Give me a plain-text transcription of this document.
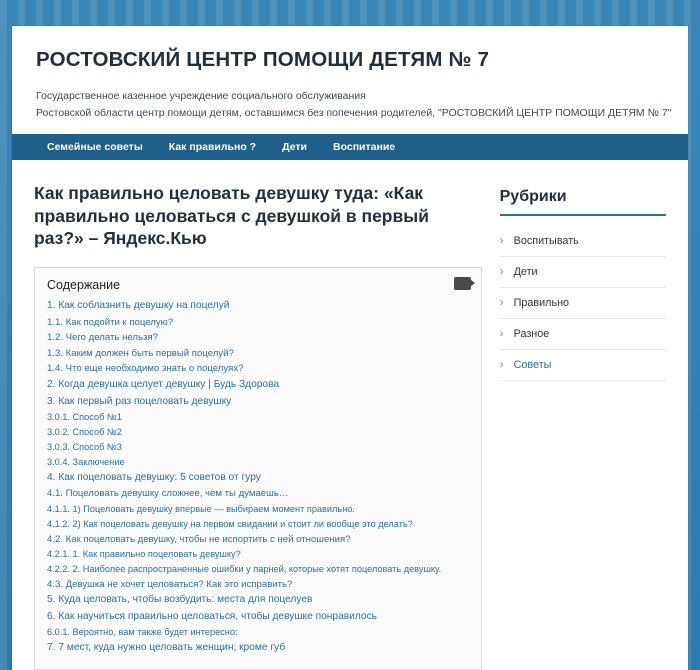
РОСТОВСКИЙ ЦЕНТР ПОМОЩИ ДЕТЯМ № 7
Государственное казенное учреждение социального обслуживания
Ростовской области центр помощи детям, оставшимся без попечения родителей, "РОСТОВСКИЙ ЦЕНТР ПОМОЩИ ДЕТЯМ № 7"
Семейные советы	Как правильно ?	Дети	Воспитание
Как правильно целовать девушку туда: «Как правильно целоваться с девушкой в первый раз?» – Яндекс.Кью
Содержание
1. Как соблазнить девушку на поцелуй
1.1. Как подойти к поцелую?
1.2. Чего делать нельзя?
1.3. Каким должен быть первый поцелуй?
1.4. Что еще необходимо знать о поцелуях?
2. Когда девушка целует девушку | Будь Здорова
3. Как первый раз поцеловать девушку
3.0.1. Способ №1
3.0.2. Способ №2
3.0.3. Способ №3
3.0.4. Заключение
4. Как поцеловать девушку: 5 советов от гуру
4.1. Поцеловать девушку сложнее, чем ты думаешь…
4.1.1. 1) Поцеловать девушку впервые — выбираем момент правильно.
4.1.2. 2) Как поцеловать девушку на первом свидании и стоит ли вообще это делать?
4.2. Как поцеловать девушку, чтобы не испортить с ней отношения?
4.2.1. 1. Как правильно поцеловать девушку?
4.2.2. 2. Наиболее распространенные ошибки у парней, которые хотят поцеловать девушку.
4.3. Девушка не хочет целоваться? Как это исправить?
5. Куда целовать, чтобы возбудить: места для поцелуев
6. Как научиться правильно целоваться, чтобы девушке понравилось
6.0.1. Вероятно, вам также будет интересно:
7. 7 мест, куда нужно целовать женщин; кроме губ
Рубрики
› Воспитывать
› Дети
› Правильно
› Разное
› Советы
